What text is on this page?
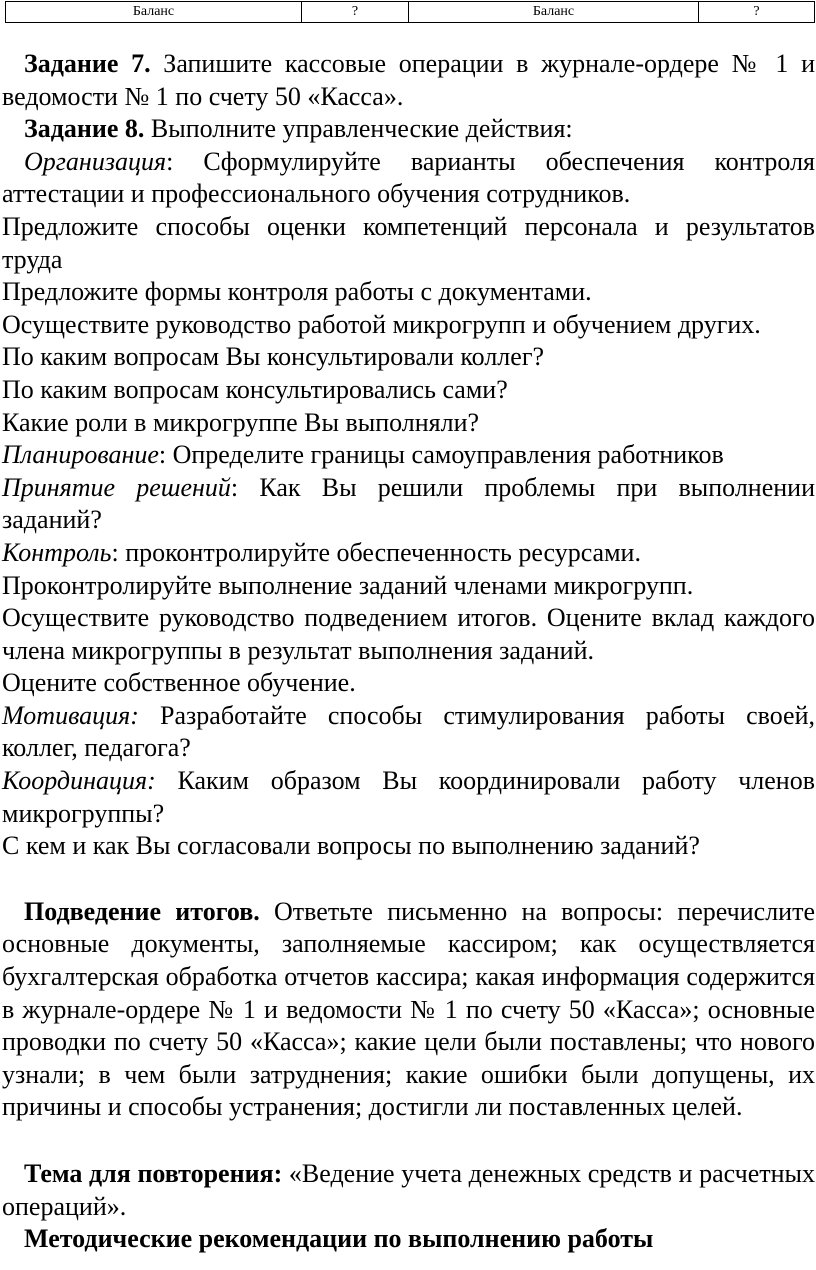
Баланс	?	Баланс	?

Задание 7. Запишите кассовые операции в журнале-ордере № 1 и ведомости № 1 по счету 50 «Касса».

Задание 8. Выполните управленческие действия:

Организация: Сформулируйте варианты обеспечения контроля аттестации и профессионального обучения сотрудников.

Предложите способы оценки компетенций персонала и результатов труда

Предложите формы контроля работы с документами.

Осуществите руководство работой микрогрупп и обучением других.

По каким вопросам Вы консультировали коллег?

По каким вопросам консультировались сами?

Какие роли в микрогруппе Вы выполняли?

Планирование: Определите границы самоуправления работников

Принятие решений: Как Вы решили проблемы при выполнении заданий?

Контроль: проконтролируйте обеспеченность ресурсами.

Проконтролируйте выполнение заданий членами микрогрупп.

Осуществите руководство подведением итогов. Оцените вклад каждого члена микрогруппы в результат выполнения заданий.

Оцените собственное обучение.

Мотивация: Разработайте способы стимулирования работы своей, коллег, педагога?

Координация: Каким образом Вы координировали работу членов микрогруппы?

С кем и как Вы согласовали вопросы по выполнению заданий?

Подведение итогов. Ответьте письменно на вопросы: перечислите основные документы, заполняемые кассиром; как осуществляется бухгалтерская обработка отчетов кассира; какая информация содержится в журнале-ордере № 1 и ведомости № 1 по счету 50 «Касса»; основные проводки по счету 50 «Касса»; какие цели были поставлены; что нового узнали; в чем были затруднения; какие ошибки были допущены, их причины и способы устранения; достигли ли поставленных целей.

Тема для повторения: «Ведение учета денежных средств и расчетных операций».

Методические рекомендации по выполнению работы
